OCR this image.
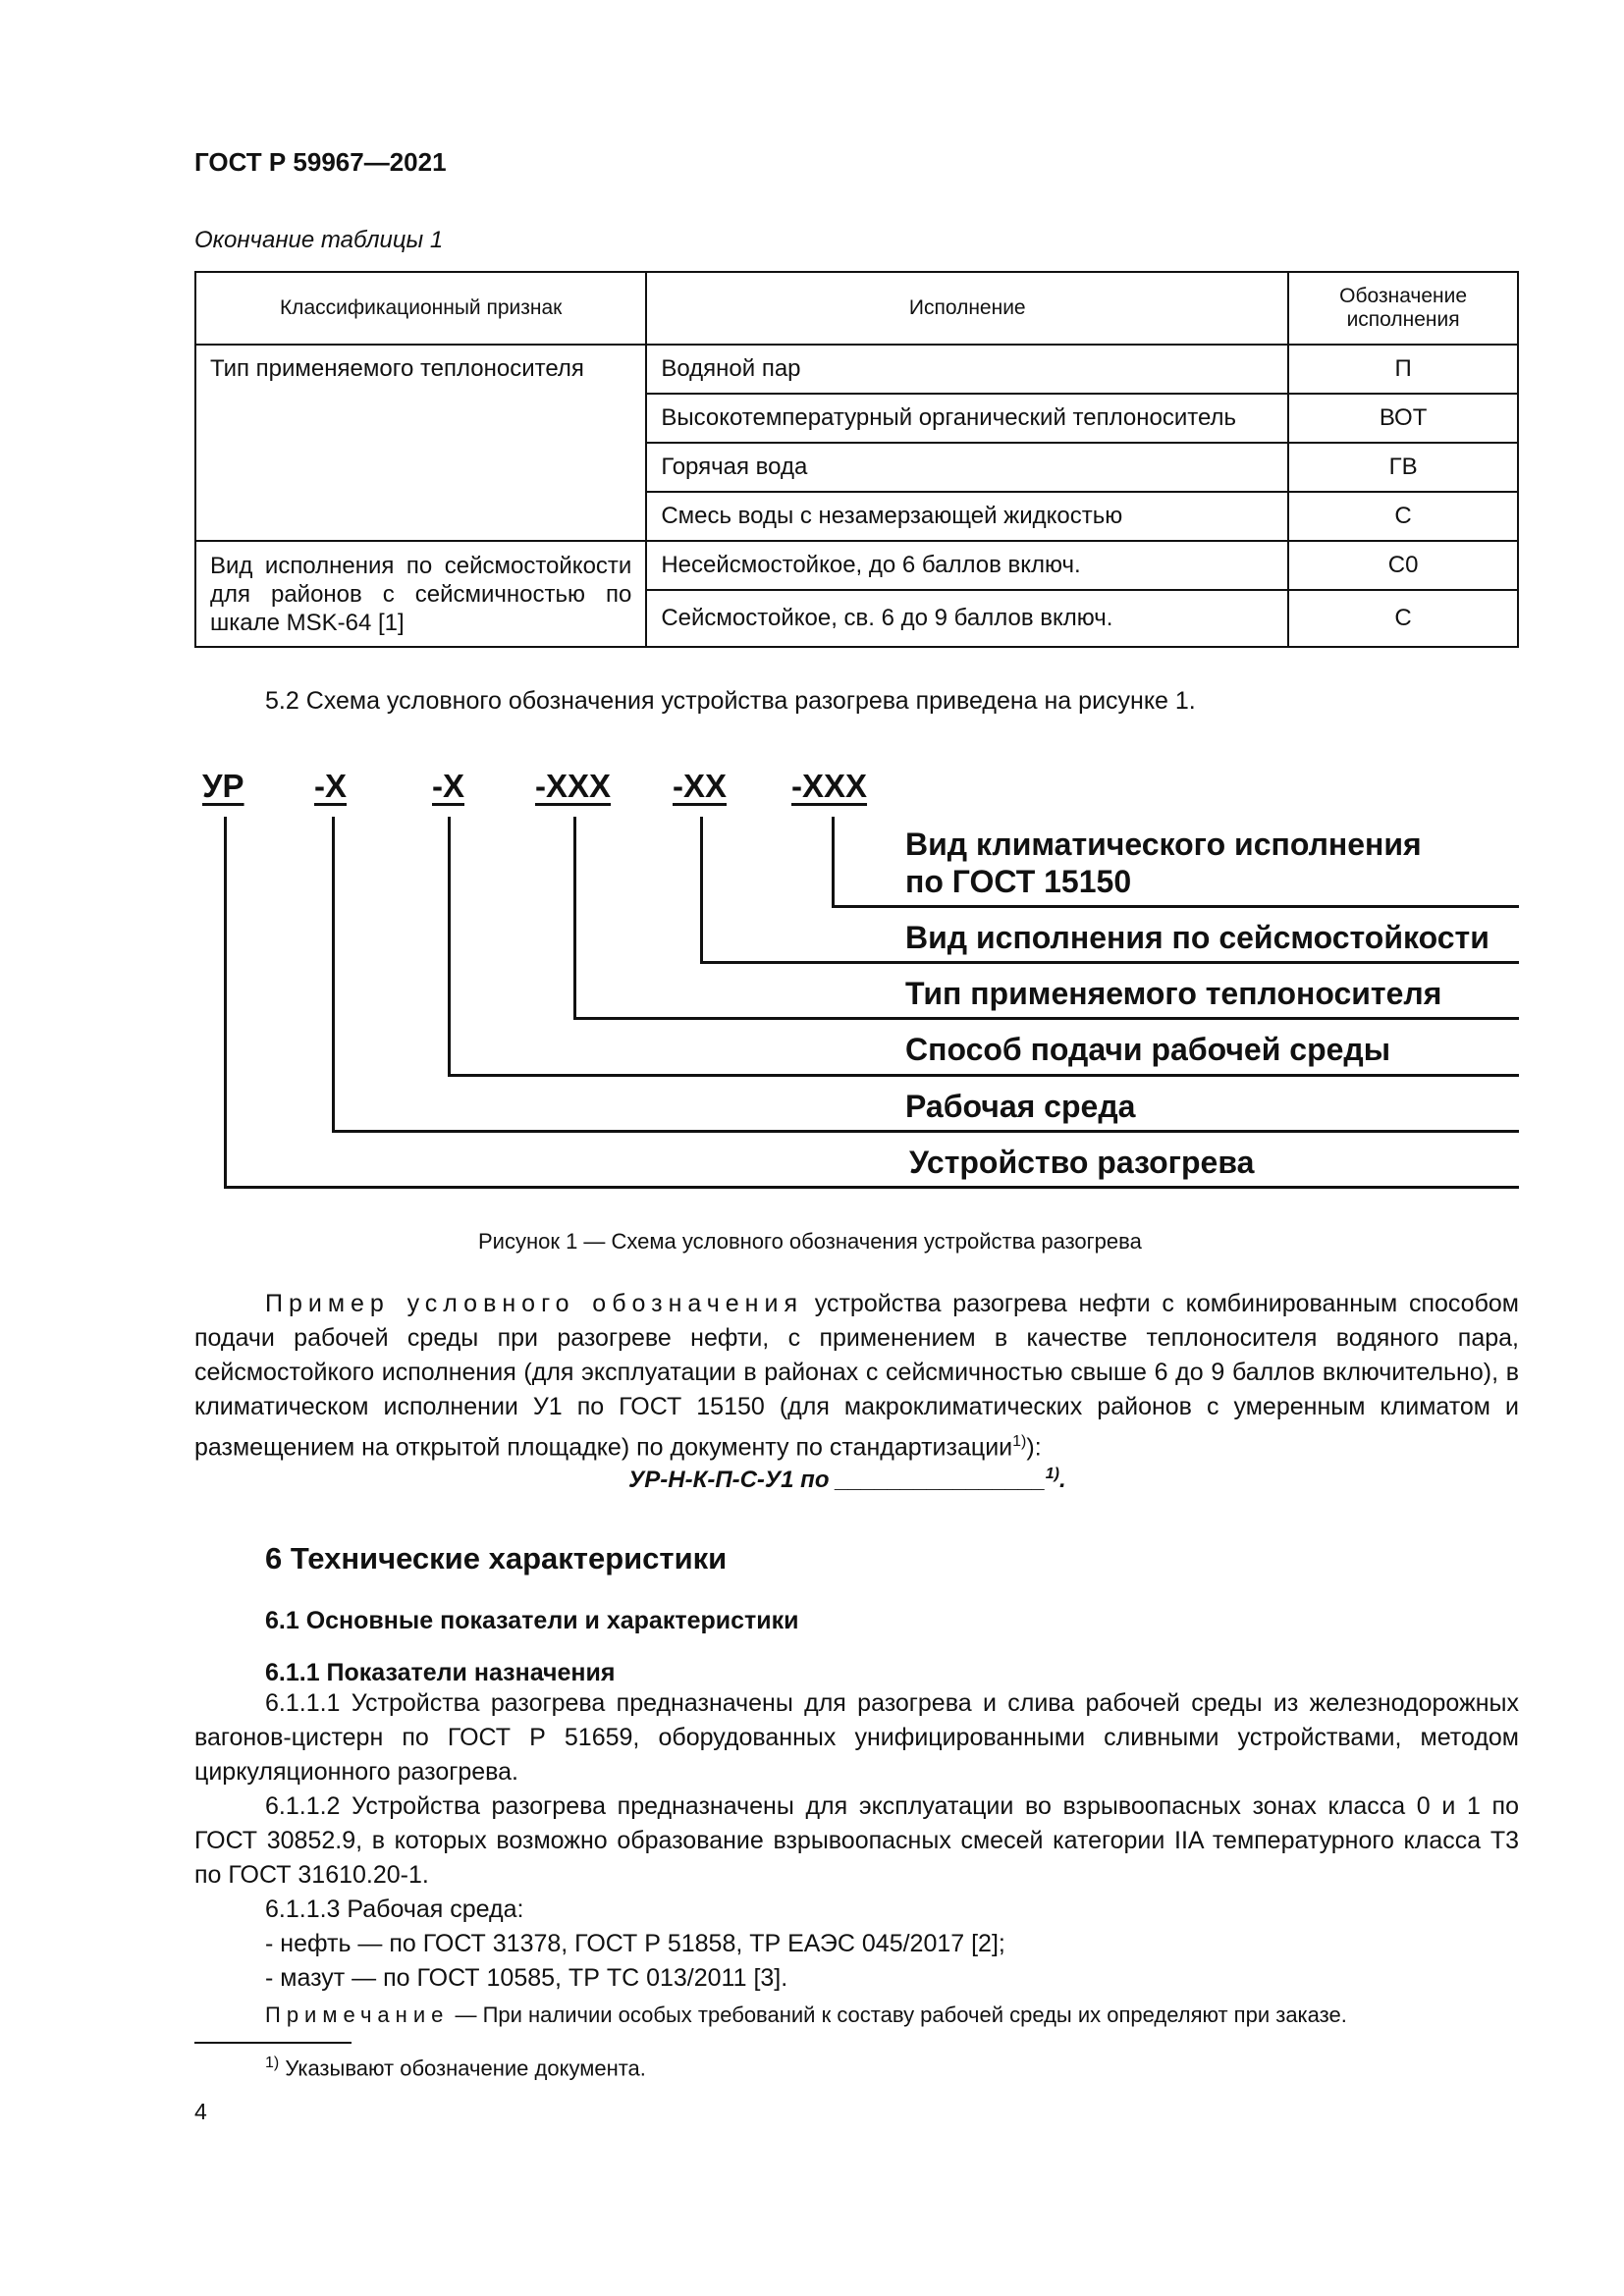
ГОСТ Р 59967—2021
Окончание таблицы 1
Классификационный признак	Исполнение	Обозначение исполнения
Тип применяемого теплоносителя	Водяной пар	П
	Высокотемпературный органический теплоноситель	ВОТ
	Горячая вода	ГВ
	Смесь воды с незамерзающей жидкостью	С
Вид исполнения по сейсмостойкости для районов с сейсмичностью по шкале MSK-64 [1]	Несейсмостойкое, до 6 баллов включ.	С0
	Сейсмостойкое, св. 6 до 9 баллов включ.	С
5.2 Схема условного обозначения устройства разогрева приведена на рисунке 1.
УР -Х	-Х -ХХХ -ХХ -ХХХ
Вид климатического исполнения
по ГОСТ 15150
Вид исполнения по сейсмостойкости
Тип применяемого теплоносителя
Способ подачи рабочей среды
Рабочая среда
Устройство разогрева
Рисунок 1 — Схема условного обозначения устройства разогрева
Пример условного обозначения устройства разогрева нефти с комбинированным способом подачи рабочей среды при разогреве нефти, с применением в качестве теплоносителя водяного пара, сейсмостойкого исполнения (для эксплуатации в районах с сейсмичностью свыше 6 до 9 баллов включительно), в климатическом исполнении У1 по ГОСТ 15150 (для макроклиматических районов с умеренным климатом и размещением на открытой площадке) по документу по стандартизации$^{1)}$):
УР-Н-К-П-С-У1 по ________________$^{1)}$.
6 Технические характеристики
6.1 Основные показатели и характеристики
6.1.1 Показатели назначения
6.1.1.1 Устройства разогрева предназначены для разогрева и слива рабочей среды из железнодорожных вагонов-цистерн по ГОСТ Р 51659, оборудованных унифицированными сливными устройствами, методом циркуляционного разогрева.
6.1.1.2 Устройства разогрева предназначены для эксплуатации во взрывоопасных зонах класса 0 и 1 по ГОСТ 30852.9, в которых возможно образование взрывоопасных смесей категории IIA температурного класса Т3 по ГОСТ 31610.20-1.
6.1.1.3 Рабочая среда:
- нефть — по ГОСТ 31378, ГОСТ Р 51858, ТР ЕАЭС 045/2017 [2];
- мазут — по ГОСТ 10585, ТР ТС 013/2011 [3].
Примечание — При наличии особых требований к составу рабочей среды их определяют при заказе.
$^{1)}$ Указывают обозначение документа.
4
